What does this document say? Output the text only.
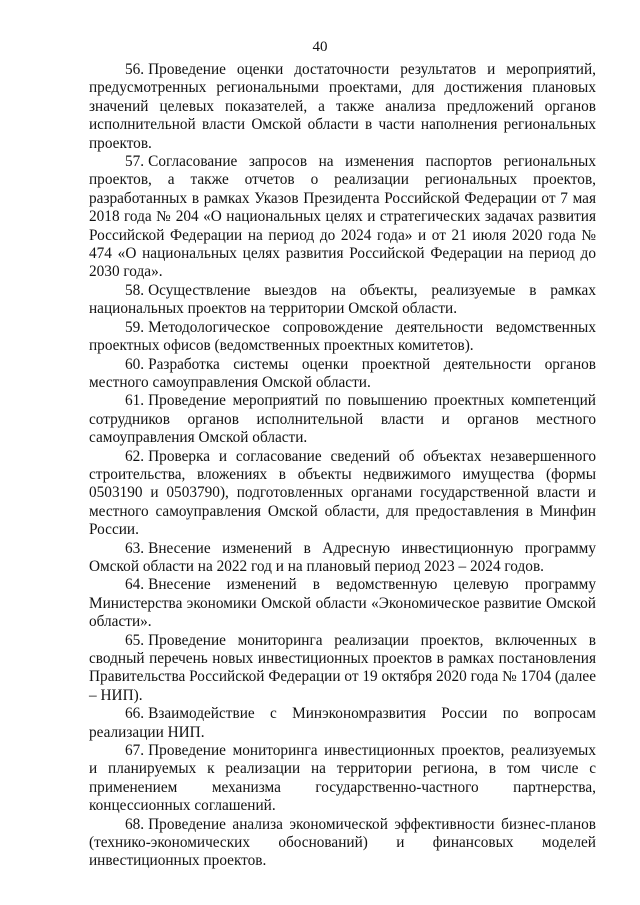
40

56. Проведение оценки достаточности результатов и мероприятий, предусмотренных региональными проектами, для достижения плановых значений целевых показателей, а также анализа предложений органов исполнительной власти Омской области в части наполнения региональных проектов.

57. Согласование запросов на изменения паспортов региональных проектов, а также отчетов о реализации региональных проектов, разработанных в рамках Указов Президента Российской Федерации от 7 мая 2018 года № 204 «О национальных целях и стратегических задачах развития Российской Федерации на период до 2024 года» и от 21 июля 2020 года № 474 «О национальных целях развития Российской Федерации на период до 2030 года».

58. Осуществление выездов на объекты, реализуемые в рамках национальных проектов на территории Омской области.

59. Методологическое сопровождение деятельности ведомственных проектных офисов (ведомственных проектных комитетов).

60. Разработка системы оценки проектной деятельности органов местного самоуправления Омской области.

61. Проведение мероприятий по повышению проектных компетенций сотрудников органов исполнительной власти и органов местного самоуправления Омской области.

62. Проверка и согласование сведений об объектах незавершенного строительства, вложениях в объекты недвижимого имущества (формы 0503190 и 0503790), подготовленных органами государственной власти и местного самоуправления Омской области, для предоставления в Минфин России.

63. Внесение изменений в Адресную инвестиционную программу Омской области на 2022 год и на плановый период 2023 – 2024 годов.

64. Внесение изменений в ведомственную целевую программу Министерства экономики Омской области «Экономическое развитие Омской области».

65. Проведение мониторинга реализации проектов, включенных в сводный перечень новых инвестиционных проектов в рамках постановления Правительства Российской Федерации от 19 октября 2020 года № 1704 (далее – НИП).

66. Взаимодействие с Минэкономразвития России по вопросам реализации НИП.

67. Проведение мониторинга инвестиционных проектов, реализуемых и планируемых к реализации на территории региона, в том числе с применением механизма государственно-частного партнерства, концессионных соглашений.

68. Проведение анализа экономической эффективности бизнес-планов (технико-экономических обоснований) и финансовых моделей инвестиционных проектов.
